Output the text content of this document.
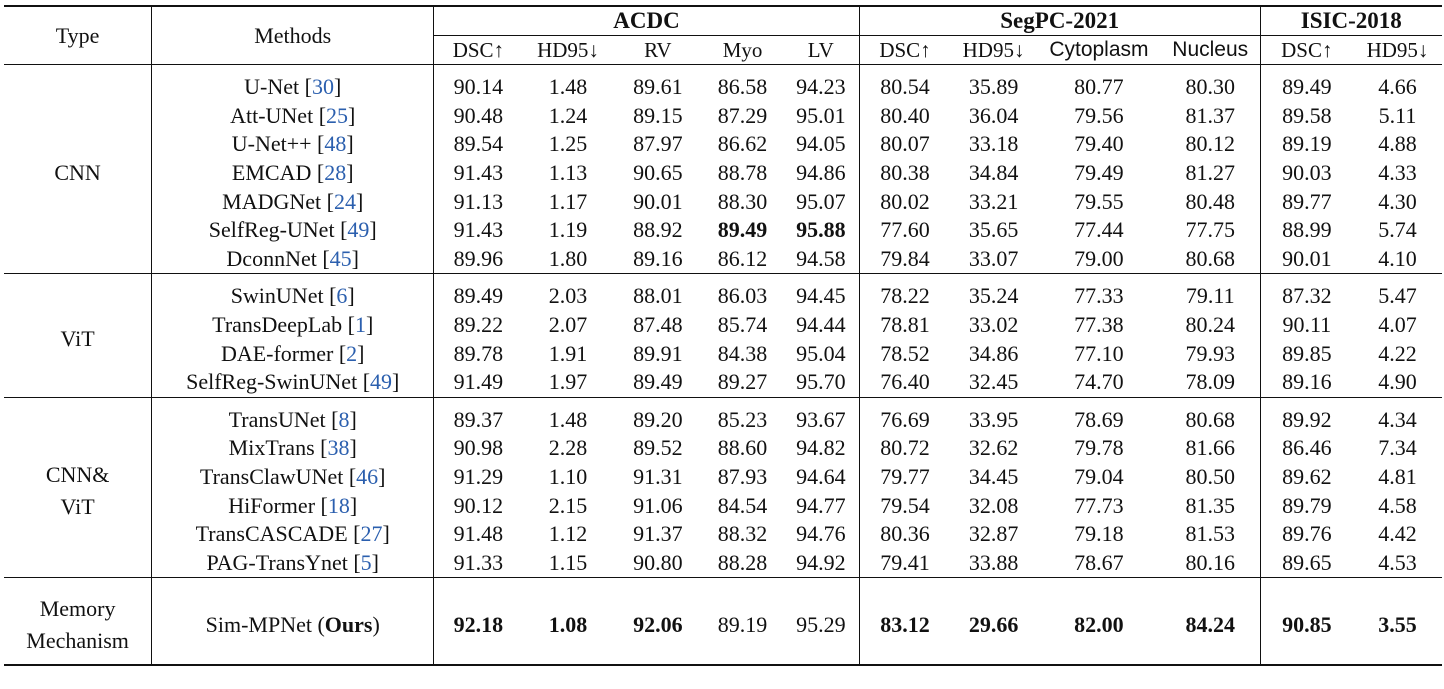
Type	Methods	ACDC					SegPC-2021				ISIC-2018	
		DSC↑	HD95↓	RV	Myo	LV	DSC↑	HD95↓	Cytoplasm	Nucleus	DSC↑	HD95↓

CNN	U-Net [30]	90.14	1.48	89.61	86.58	94.23	80.54	35.89	80.77	80.30	89.49	4.66
	Att-UNet [25]	90.48	1.24	89.15	87.29	95.01	80.40	36.04	79.56	81.37	89.58	5.11
	U-Net++ [48]	89.54	1.25	87.97	86.62	94.05	80.07	33.18	79.40	80.12	89.19	4.88
	EMCAD [28]	91.43	1.13	90.65	88.78	94.86	80.38	34.84	79.49	81.27	90.03	4.33
	MADGNet [24]	91.13	1.17	90.01	88.30	95.07	80.02	33.21	79.55	80.48	89.77	4.30
	SelfReg-UNet [49]	91.43	1.19	88.92	89.49	95.88	77.60	35.65	77.44	77.75	88.99	5.74
	DconnNet [45]	89.96	1.80	89.16	86.12	94.58	79.84	33.07	79.00	80.68	90.01	4.10

ViT	SwinUNet [6]	89.49	2.03	88.01	86.03	94.45	78.22	35.24	77.33	79.11	87.32	5.47
	TransDeepLab [1]	89.22	2.07	87.48	85.74	94.44	78.81	33.02	77.38	80.24	90.11	4.07
	DAE-former [2]	89.78	1.91	89.91	84.38	95.04	78.52	34.86	77.10	79.93	89.85	4.22
	SelfReg-SwinUNet [49]	91.49	1.97	89.49	89.27	95.70	76.40	32.45	74.70	78.09	89.16	4.90

CNN&
ViT	TransUNet [8]	89.37	1.48	89.20	85.23	93.67	76.69	33.95	78.69	80.68	89.92	4.34
	MixTrans [38]	90.98	2.28	89.52	88.60	94.82	80.72	32.62	79.78	81.66	86.46	7.34
	TransClawUNet [46]	91.29	1.10	91.31	87.93	94.64	79.77	34.45	79.04	80.50	89.62	4.81
	HiFormer [18]	90.12	2.15	91.06	84.54	94.77	79.54	32.08	77.73	81.35	89.79	4.58
	TransCASCADE [27]	91.48	1.12	91.37	88.32	94.76	80.36	32.87	79.18	81.53	89.76	4.42
	PAG-TransYnet [5]	91.33	1.15	90.80	88.28	94.92	79.41	33.88	78.67	80.16	89.65	4.53

Memory
Mechanism	Sim-MPNet (Ours)	92.18	1.08	92.06	89.19	95.29	83.12	29.66	82.00	84.24	90.85	3.55
